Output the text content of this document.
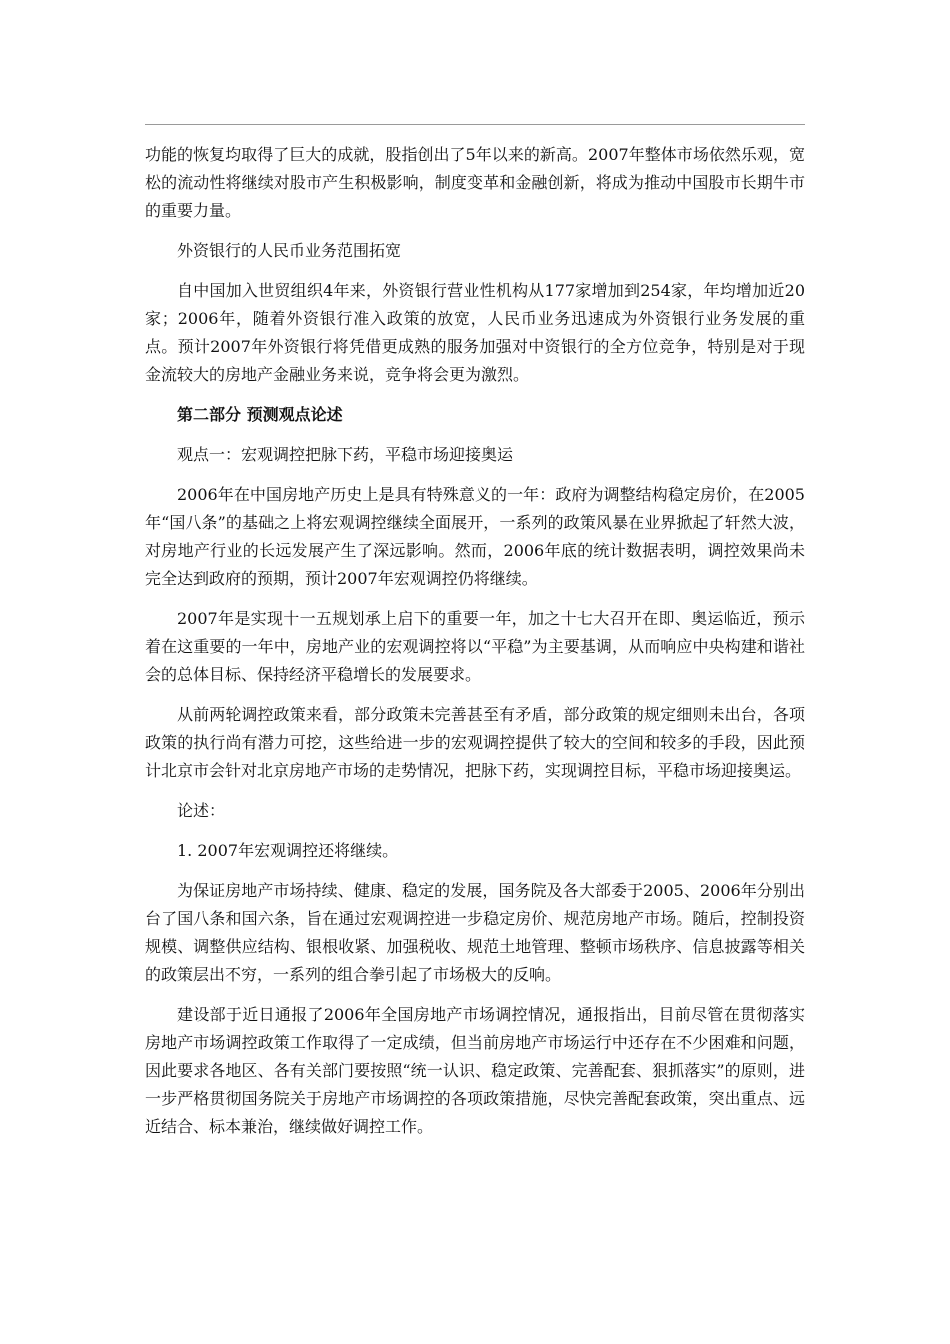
功能的恢复均取得了巨大的成就，股指创出了5年以来的新高。2007年整体市场依然乐观，宽松的流动性将继续对股市产生积极影响，制度变革和金融创新，将成为推动中国股市长期牛市的重要力量。

外资银行的人民币业务范围拓宽

自中国加入世贸组织4年来，外资银行营业性机构从177家增加到254家，年均增加近20家；2006年，随着外资银行准入政策的放宽，人民币业务迅速成为外资银行业务发展的重点。预计2007年外资银行将凭借更成熟的服务加强对中资银行的全方位竞争，特别是对于现金流较大的房地产金融业务来说，竞争将会更为激烈。

第二部分 预测观点论述

观点一：宏观调控把脉下药，平稳市场迎接奥运

2006年在中国房地产历史上是具有特殊意义的一年：政府为调整结构稳定房价，在2005年“国八条”的基础之上将宏观调控继续全面展开，一系列的政策风暴在业界掀起了轩然大波，对房地产行业的长远发展产生了深远影响。然而，2006年底的统计数据表明，调控效果尚未完全达到政府的预期，预计2007年宏观调控仍将继续。

2007年是实现十一五规划承上启下的重要一年，加之十七大召开在即、奥运临近，预示着在这重要的一年中，房地产业的宏观调控将以“平稳”为主要基调，从而响应中央构建和谐社会的总体目标、保持经济平稳增长的发展要求。

从前两轮调控政策来看，部分政策未完善甚至有矛盾，部分政策的规定细则未出台，各项政策的执行尚有潜力可挖，这些给进一步的宏观调控提供了较大的空间和较多的手段，因此预计北京市会针对北京房地产市场的走势情况，把脉下药，实现调控目标，平稳市场迎接奥运。

论述：

1. 2007年宏观调控还将继续。

为保证房地产市场持续、健康、稳定的发展，国务院及各大部委于2005、2006年分别出台了国八条和国六条，旨在通过宏观调控进一步稳定房价、规范房地产市场。随后，控制投资规模、调整供应结构、银根收紧、加强税收、规范土地管理、整顿市场秩序、信息披露等相关的政策层出不穷，一系列的组合拳引起了市场极大的反响。

建设部于近日通报了2006年全国房地产市场调控情况，通报指出，目前尽管在贯彻落实房地产市场调控政策工作取得了一定成绩，但当前房地产市场运行中还存在不少困难和问题，因此要求各地区、各有关部门要按照“统一认识、稳定政策、完善配套、狠抓落实”的原则，进一步严格贯彻国务院关于房地产市场调控的各项政策措施，尽快完善配套政策，突出重点、远近结合、标本兼治，继续做好调控工作。
